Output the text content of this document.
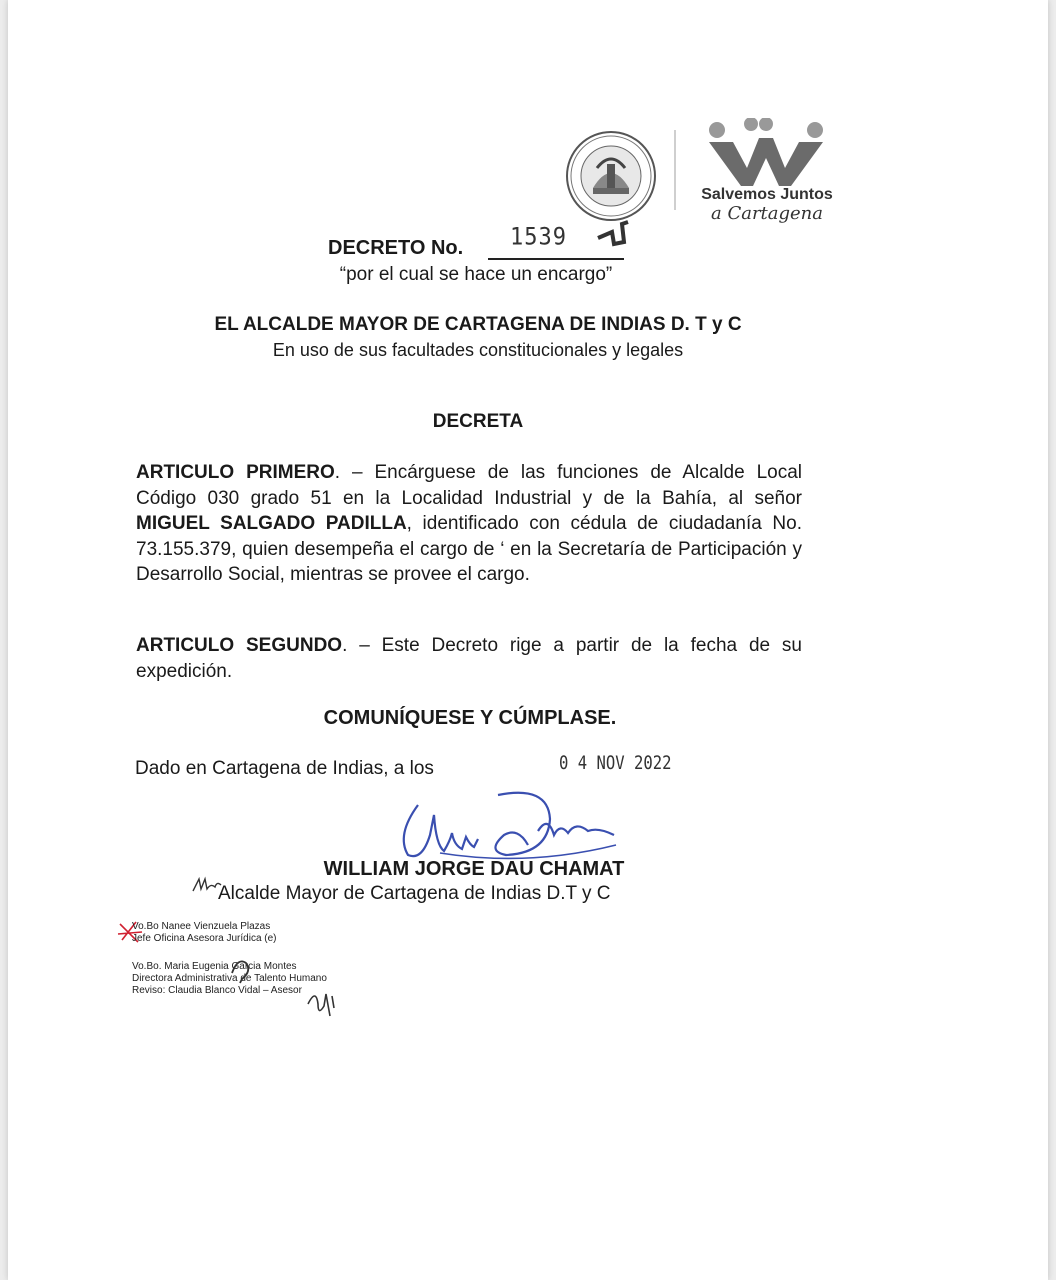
Salvemos Juntos
a Cartagena
DECRETO No. 1539
“por el cual se hace un encargo”
EL ALCALDE MAYOR DE CARTAGENA DE INDIAS D. T y C
En uso de sus facultades constitucionales y legales
DECRETA
ARTICULO PRIMERO. – Encárguese de las funciones de Alcalde Local Código 030 grado 51 en la Localidad Industrial y de la Bahía, al señor MIGUEL SALGADO PADILLA, identificado con cédula de ciudadanía No. 73.155.379, quien desempeña el cargo de ‘ en la Secretaría de Participación y Desarrollo Social, mientras se provee el cargo.
ARTICULO SEGUNDO. – Este Decreto rige a partir de la fecha de su expedición.
COMUNÍQUESE Y CÚMPLASE.
Dado en Cartagena de Indias, a los	0 4 NOV 2022
WILLIAM JORGE DAU CHAMAT
Alcalde Mayor de Cartagena de Indias D.T y C
Vo.Bo Nanee Vienzuela Plazas
Jefe Oficina Asesora Jurídica (e)
Vo.Bo. Maria Eugenia Garcia Montes
Directora Administrativa de Talento Humano
Reviso: Claudia Blanco Vidal – Asesor
